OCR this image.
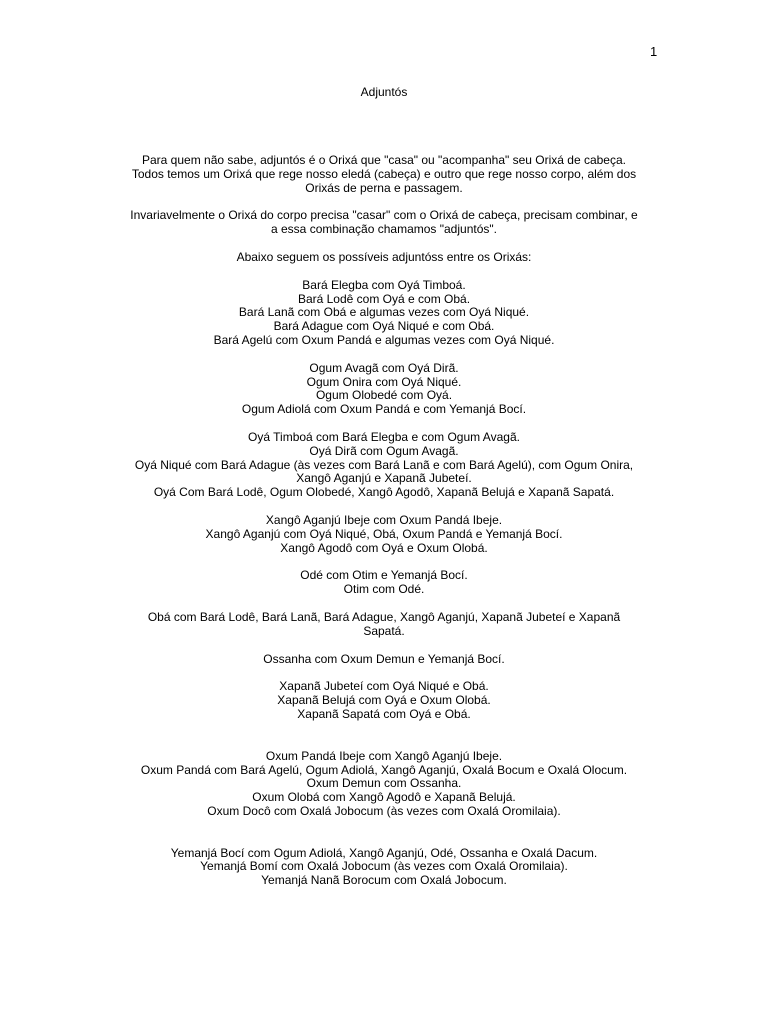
1
Adjuntós
Para quem não sabe, adjuntós é o Orixá que "casa" ou "acompanha" seu Orixá de cabeça.
Todos temos um Orixá que rege nosso eledá (cabeça) e outro que rege nosso corpo, além dos
Orixás de perna e passagem.
Invariavelmente o Orixá do corpo precisa "casar" com o Orixá de cabeça, precisam combinar, e
a essa combinação chamamos "adjuntós".
Abaixo seguem os possíveis adjuntóss entre os Orixás:
Bará Elegba com Oyá Timboá.
Bará Lodê com Oyá e com Obá.
Bará Lanã com Obá e algumas vezes com Oyá Niqué.
Bará Adague com Oyá Niqué e com Obá.
Bará Agelú com Oxum Pandá e algumas vezes com Oyá Niqué.
Ogum Avagã com Oyá Dirã.
Ogum Onira com Oyá Niqué.
Ogum Olobedé com Oyá.
Ogum Adiolá com Oxum Pandá e com Yemanjá Bocí.
Oyá Timboá com Bará Elegba e com Ogum Avagã.
Oyá Dirã com Ogum Avagã.
Oyá Niqué com Bará Adague (às vezes com Bará Lanã e com Bará Agelú), com Ogum Onira,
Xangô Aganjú e Xapanã Jubeteí.
Oyá Com Bará Lodê, Ogum Olobedé, Xangô Agodô, Xapanã Belujá e Xapanã Sapatá.
Xangô Aganjú Ibeje com Oxum Pandá Ibeje.
Xangô Aganjú com Oyá Niqué, Obá, Oxum Pandá e Yemanjá Bocí.
Xangô Agodô com Oyá e Oxum Olobá.
Odé com Otim e Yemanjá Bocí.
Otim com Odé.
Obá com Bará Lodê, Bará Lanã, Bará Adague, Xangô Aganjú, Xapanã Jubeteí e Xapanã
Sapatá.
Ossanha com Oxum Demun e Yemanjá Bocí.
Xapanã Jubeteí com Oyá Niqué e Obá.
Xapanã Belujá com Oyá e Oxum Olobá.
Xapanã Sapatá com Oyá e Obá.
Oxum Pandá Ibeje com Xangô Aganjú Ibeje.
Oxum Pandá com Bará Agelú, Ogum Adiolá, Xangô Aganjú, Oxalá Bocum e Oxalá Olocum.
Oxum Demun com Ossanha.
Oxum Olobá com Xangô Agodô e Xapanã Belujá.
Oxum Docô com Oxalá Jobocum (às vezes com Oxalá Oromilaia).
Yemanjá Bocí com Ogum Adiolá, Xangô Aganjú, Odé, Ossanha e Oxalá Dacum.
Yemanjá Bomí com Oxalá Jobocum (às vezes com Oxalá Oromilaia).
Yemanjá Nanã Borocum com Oxalá Jobocum.
